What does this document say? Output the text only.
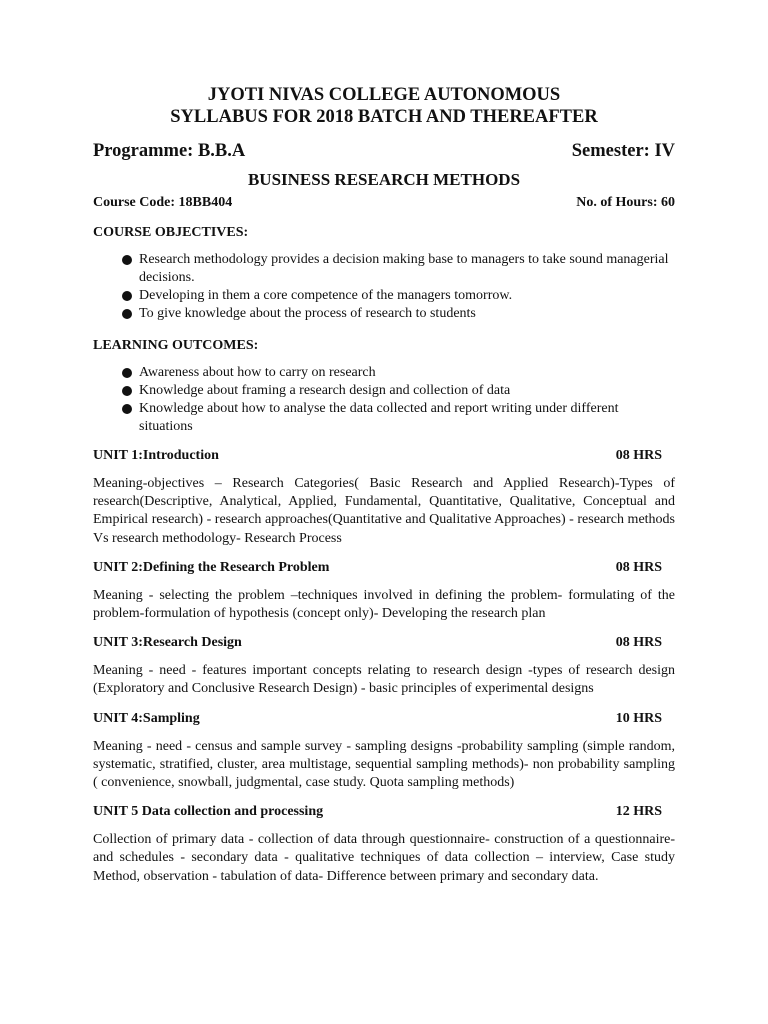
JYOTI NIVAS COLLEGE AUTONOMOUS
SYLLABUS FOR 2018 BATCH AND THEREAFTER
Programme: B.B.A	Semester: IV
BUSINESS RESEARCH METHODS
Course Code: 18BB404	No. of Hours: 60
COURSE OBJECTIVES:
Research methodology provides a decision making base to managers to take sound managerial decisions.
Developing in them a core competence of the managers tomorrow.
To give knowledge about the process of research to students
LEARNING OUTCOMES:
Awareness about how to carry on research
Knowledge about framing a research design and collection of data
Knowledge about how to analyse the data collected and report writing under different situations
UNIT 1:Introduction	08 HRS
Meaning-objectives – Research Categories( Basic Research and Applied Research)-Types of research(Descriptive, Analytical, Applied, Fundamental, Quantitative, Qualitative, Conceptual and Empirical research) - research approaches(Quantitative and Qualitative Approaches) - research methods Vs research methodology- Research Process
UNIT 2:Defining the Research Problem	08 HRS
Meaning - selecting the problem –techniques involved in defining the problem- formulating of the problem-formulation of hypothesis (concept only)- Developing the research plan
UNIT 3:Research Design	08 HRS
Meaning - need - features important concepts relating to research design -types of research design (Exploratory and Conclusive Research Design) - basic principles of experimental designs
UNIT 4:Sampling	10 HRS
Meaning - need - census and sample survey - sampling designs -probability sampling (simple random, systematic, stratified, cluster, area multistage, sequential sampling methods)- non probability sampling ( convenience, snowball, judgmental, case study. Quota sampling methods)
UNIT 5 Data collection and processing	12 HRS
Collection of primary data - collection of data through questionnaire- construction of a questionnaire- and schedules - secondary data - qualitative techniques of data collection – interview, Case study Method, observation - tabulation of data- Difference between primary and secondary data.
